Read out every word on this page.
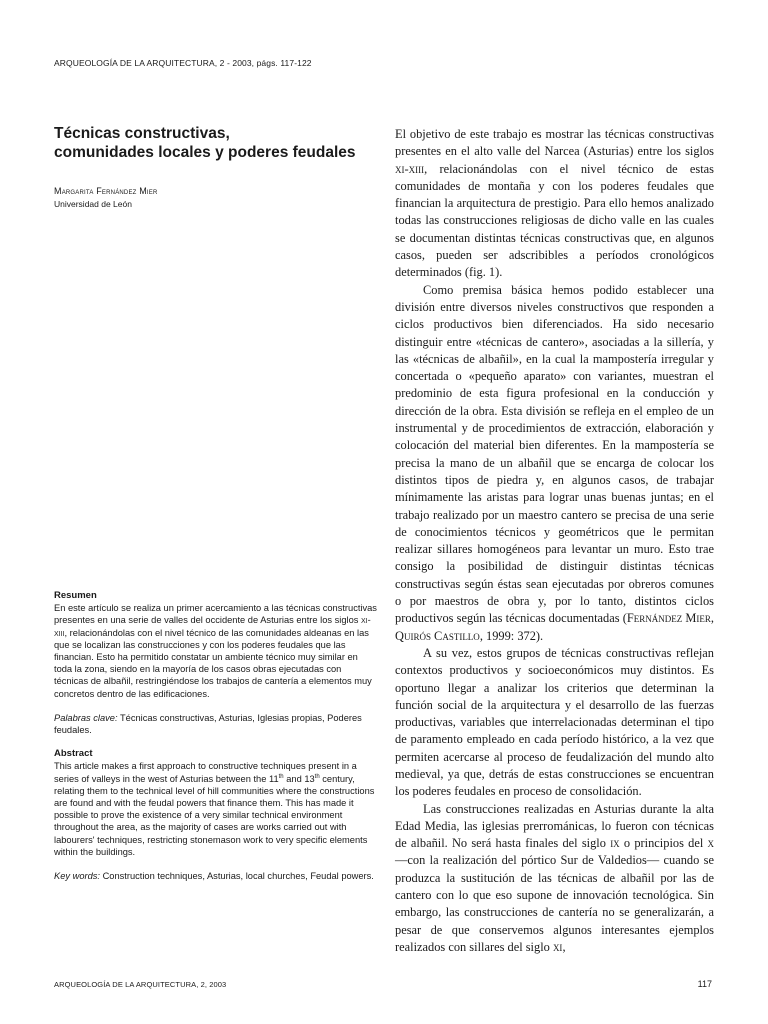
ARQUEOLOGÍA DE LA ARQUITECTURA, 2 - 2003, págs. 117-122
Técnicas constructivas,
comunidades locales y poderes feudales
Margarita Fernández Mier
Universidad de León
Resumen

En este artículo se realiza un primer acercamiento a las técnicas constructivas presentes en una serie de valles del occidente de Asturias entre los siglos xi-xiii, relacionándolas con el nivel técnico de las comunidades aldeanas en las que se localizan las construcciones y con los poderes feudales que las financian. Esto ha permitido constatar un ambiente técnico muy similar en toda la zona, siendo en la mayoría de los casos obras ejecutadas con técnicas de albañil, restringiéndose los trabajos de cantería a elementos muy concretos dentro de las edificaciones.

Palabras clave: Técnicas constructivas, Asturias, Iglesias propias, Poderes feudales.

Abstract

This article makes a first approach to constructive techniques present in a series of valleys in the west of Asturias between the 11th and 13th century, relating them to the technical level of hill communities where the constructions are found and with the feudal powers that finance them. This has made it possible to prove the existence of a very similar technical environment throughout the area, as the majority of cases are works carried out with labourers' techniques, restricting stonemason work to very specific elements within the buildings.

Key words: Construction techniques, Asturias, local churches, Feudal powers.

El objetivo de este trabajo es mostrar las técnicas constructivas presentes en el alto valle del Narcea (Asturias) entre los siglos xi-xiii, relacionándolas con el nivel técnico de estas comunidades de montaña y con los poderes feudales que financian la arquitectura de prestigio. Para ello hemos analizado todas las construcciones religiosas de dicho valle en las cuales se documentan distintas técnicas constructivas que, en algunos casos, pueden ser adscribibles a períodos cronológicos determinados (fig. 1).

Como premisa básica hemos podido establecer una división entre diversos niveles constructivos que responden a ciclos productivos bien diferenciados. Ha sido necesario distinguir entre «técnicas de cantero», asociadas a la sillería, y las «técnicas de albañil», en la cual la mampostería irregular y concertada o «pequeño aparato» con variantes, muestran el predominio de esta figura profesional en la conducción y dirección de la obra. Esta división se refleja en el empleo de un instrumental y de procedimientos de extracción, elaboración y colocación del material bien diferentes. En la mampostería se precisa la mano de un albañil que se encarga de colocar los distintos tipos de piedra y, en algunos casos, de trabajar mínimamente las aristas para lograr unas buenas juntas; en el trabajo realizado por un maestro cantero se precisa de una serie de conocimientos técnicos y geométricos que le permitan realizar sillares homogéneos para levantar un muro. Esto trae consigo la posibilidad de distinguir distintas técnicas constructivas según éstas sean ejecutadas por obreros comunes o por maestros de obra y, por lo tanto, distintos ciclos productivos según las técnicas documentadas (Fernández Mier, Quirós Castillo, 1999: 372).

A su vez, estos grupos de técnicas constructivas reflejan contextos productivos y socioeconómicos muy distintos. Es oportuno llegar a analizar los criterios que determinan la función social de la arquitectura y el desarrollo de las fuerzas productivas, variables que interrelacionadas determinan el tipo de paramento empleado en cada período histórico, a la vez que permiten acercarse al proceso de feudalización del mundo alto medieval, ya que, detrás de estas construcciones se encuentran los poderes feudales en proceso de consolidación.

Las construcciones realizadas en Asturias durante la alta Edad Media, las iglesias prerrománicas, lo fueron con técnicas de albañil. No será hasta finales del siglo ix o principios del x —con la realización del pórtico Sur de Valdedios— cuando se produzca la sustitución de las técnicas de albañil por las de cantero con lo que eso supone de innovación tecnológica. Sin embargo, las construcciones de cantería no se generalizarán, a pesar de que conservemos algunos interesantes ejemplos realizados con sillares del siglo xi,

ARQUEOLOGÍA DE LA ARQUITECTURA, 2, 2003	117
